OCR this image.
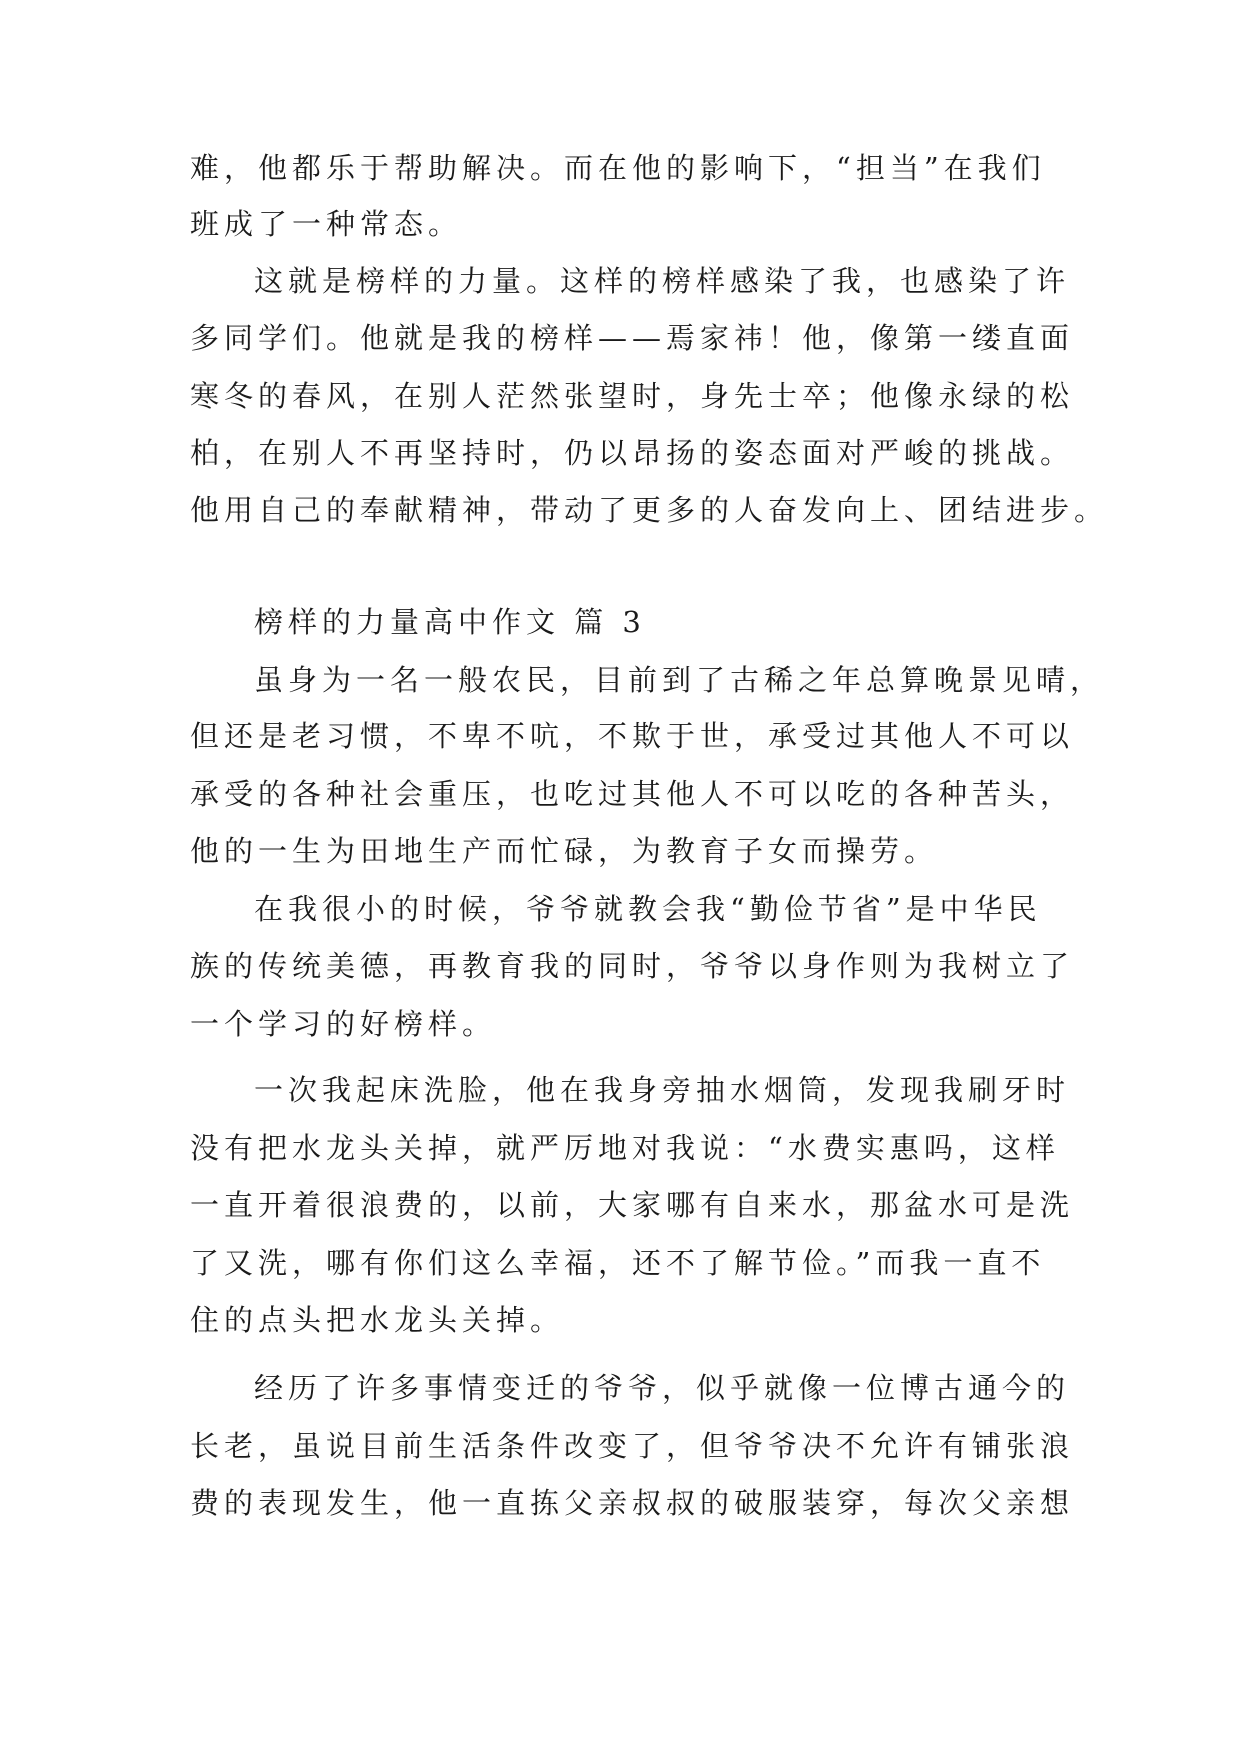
难，他都乐于帮助解决。而在他的影响下，“担当”在我们
班成了一种常态。
这就是榜样的力量。这样的榜样感染了我，也感染了许
多同学们。他就是我的榜样——焉家祎！他，像第一缕直面
寒冬的春风，在别人茫然张望时，身先士卒；他像永绿的松
柏，在别人不再坚持时，仍以昂扬的姿态面对严峻的挑战。
他用自己的奉献精神，带动了更多的人奋发向上、团结进步。
榜样的力量高中作文 篇 3
虽身为一名一般农民，目前到了古稀之年总算晚景见晴，
但还是老习惯，不卑不吭，不欺于世，承受过其他人不可以
承受的各种社会重压，也吃过其他人不可以吃的各种苦头，
他的一生为田地生产而忙碌，为教育子女而操劳。
在我很小的时候，爷爷就教会我“勤俭节省”是中华民
族的传统美德，再教育我的同时，爷爷以身作则为我树立了
一个学习的好榜样。
一次我起床洗脸，他在我身旁抽水烟筒，发现我刷牙时
没有把水龙头关掉，就严厉地对我说：“水费实惠吗，这样
一直开着很浪费的，以前，大家哪有自来水，那盆水可是洗
了又洗，哪有你们这么幸福，还不了解节俭。”而我一直不
住的点头把水龙头关掉。
经历了许多事情变迁的爷爷，似乎就像一位博古通今的
长老，虽说目前生活条件改变了，但爷爷决不允许有铺张浪
费的表现发生，他一直拣父亲叔叔的破服装穿，每次父亲想
